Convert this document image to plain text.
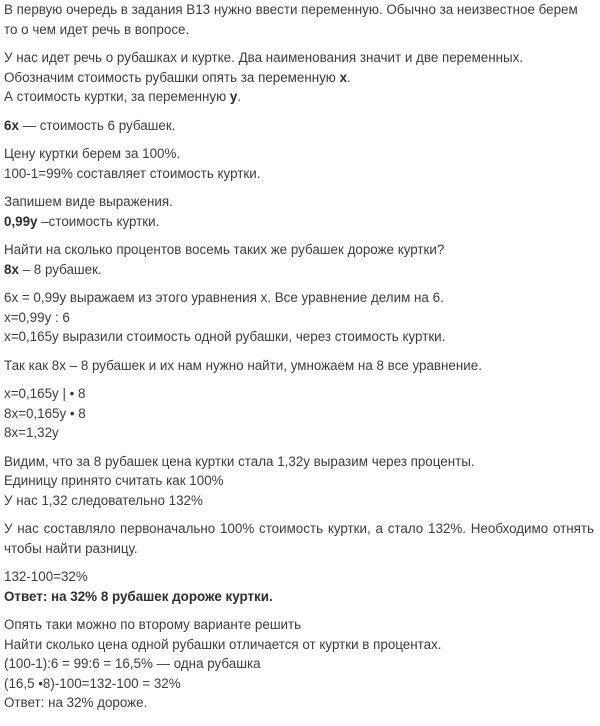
В первую очередь в задания В13 нужно ввести переменную. Обычно за неизвестное берем
то о чем идет речь в вопросе.
У нас идет речь о рубашках и куртке. Два наименования значит и две переменных.
Обозначим стоимость рубашки опять за переменную x.
А стоимость куртки, за переменную y.
6x — стоимость 6 рубашек.
Цену куртки берем за 100%.
100-1=99% составляет стоимость куртки.
Запишем виде выражения.
0,99y –стоимость куртки.
Найти на сколько процентов восемь таких же рубашек дороже куртки?
8x – 8 рубашек.
6x = 0,99y выражаем из этого уравнения x. Все уравнение делим на 6.
x=0,99y : 6
x=0,165y выразили стоимость одной рубашки, через стоимость куртки.
Так как 8x – 8 рубашек и их нам нужно найти, умножаем на 8 все уравнение.
x=0,165y | • 8
8x=0,165y • 8
8x=1,32y
Видим, что за 8 рубашек цена куртки стала 1,32y выразим через проценты.
Единицу принято считать как 100%
У нас 1,32 следовательно 132%
У нас составляло первоначально 100% стоимость куртки, а стало 132%. Необходимо отнять чтобы найти разницу.
132-100=32%
Ответ: на 32% 8 рубашек дороже куртки.
Опять таки можно по второму варианте решить
Найти сколько цена одной рубашки отличается от куртки в процентах.
(100-1):6 = 99:6 = 16,5% — одна рубашка
(16,5 •8)-100=132-100 = 32%
Ответ: на 32% дороже.
